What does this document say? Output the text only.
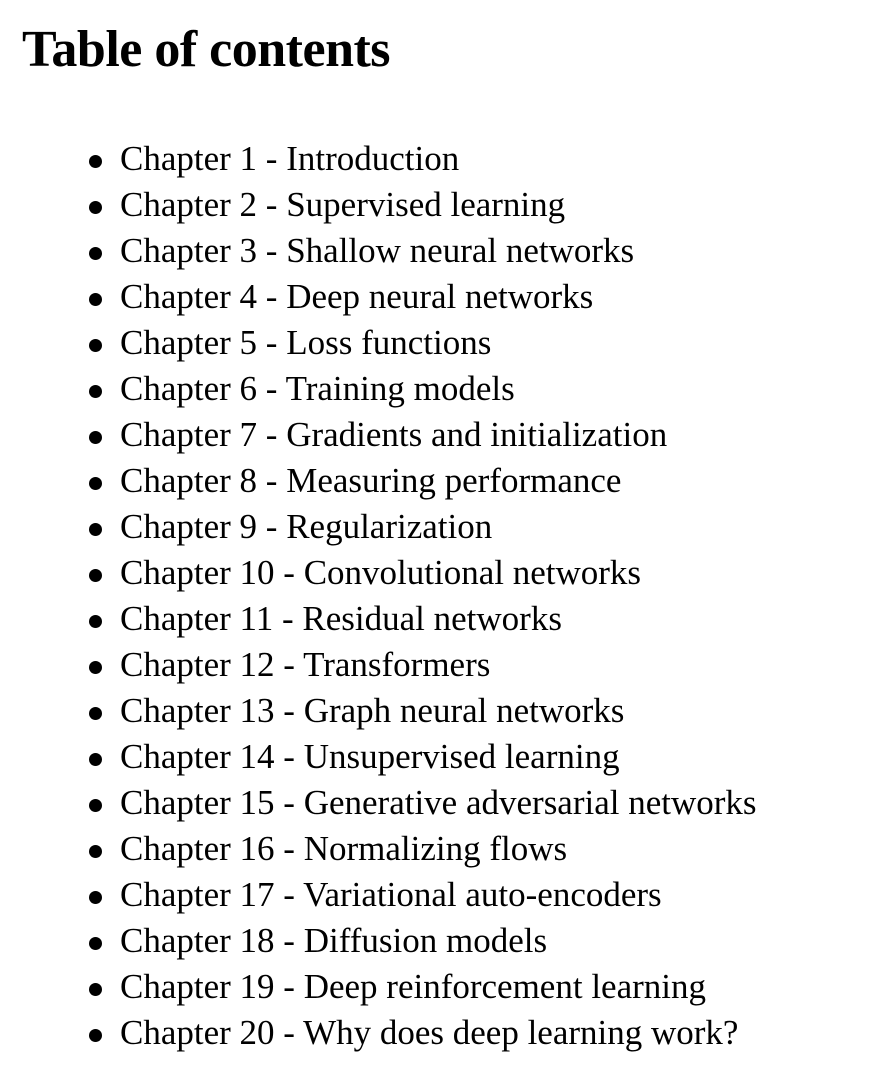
Table of contents
Chapter 1 - Introduction
Chapter 2 - Supervised learning
Chapter 3 - Shallow neural networks
Chapter 4 - Deep neural networks
Chapter 5 - Loss functions
Chapter 6 - Training models
Chapter 7 - Gradients and initialization
Chapter 8 - Measuring performance
Chapter 9 - Regularization
Chapter 10 - Convolutional networks
Chapter 11 - Residual networks
Chapter 12 - Transformers
Chapter 13 - Graph neural networks
Chapter 14 - Unsupervised learning
Chapter 15 - Generative adversarial networks
Chapter 16 - Normalizing flows
Chapter 17 - Variational auto-encoders
Chapter 18 - Diffusion models
Chapter 19 - Deep reinforcement learning
Chapter 20 - Why does deep learning work?
